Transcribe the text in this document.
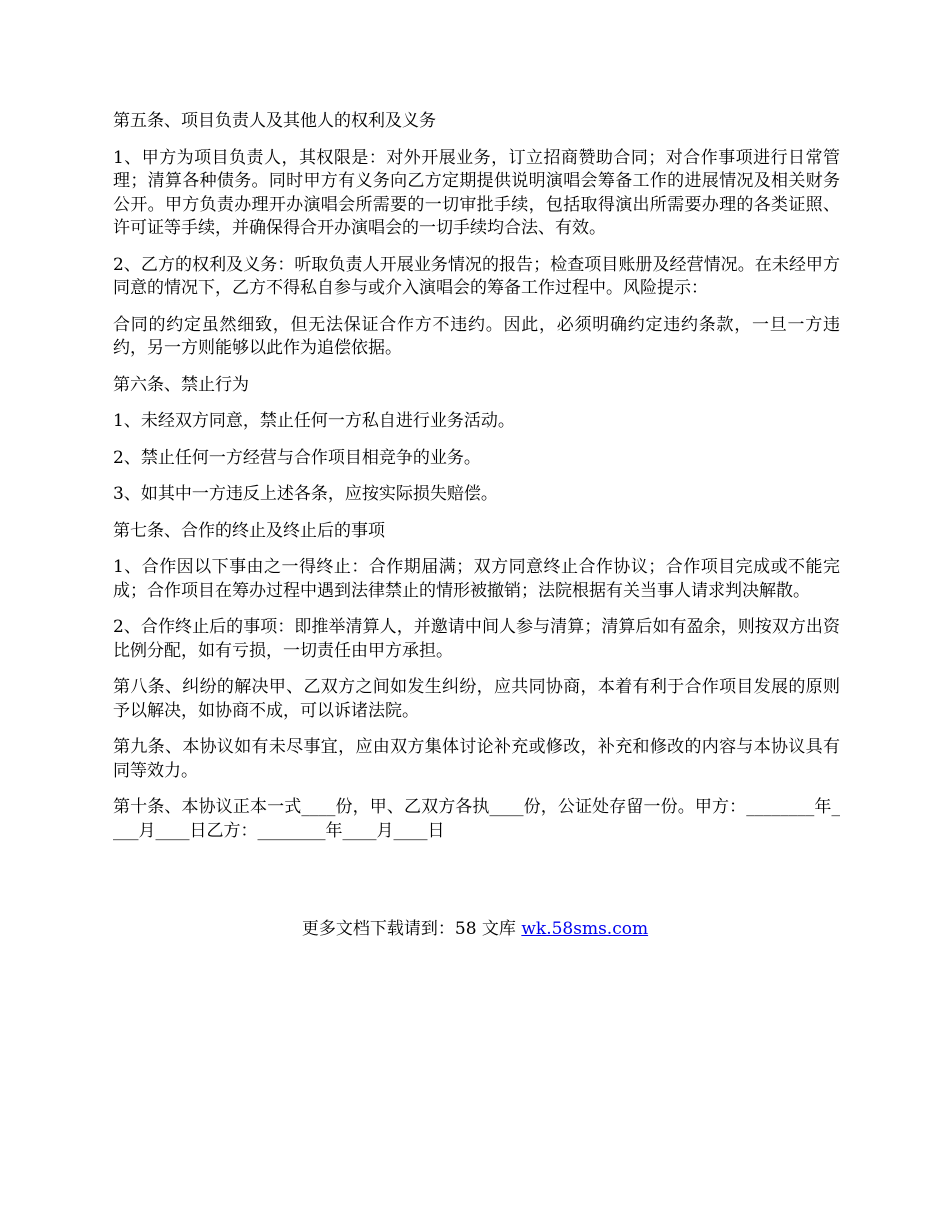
第五条、项目负责人及其他人的权利及义务

1、甲方为项目负责人，其权限是：对外开展业务，订立招商赞助合同；对合作事项进行日常管理；清算各种债务。同时甲方有义务向乙方定期提供说明演唱会筹备工作的进展情况及相关财务公开。甲方负责办理开办演唱会所需要的一切审批手续，包括取得演出所需要办理的各类证照、许可证等手续，并确保得合开办演唱会的一切手续均合法、有效。

2、乙方的权利及义务：听取负责人开展业务情况的报告；检查项目账册及经营情况。在未经甲方同意的情况下，乙方不得私自参与或介入演唱会的筹备工作过程中。风险提示：

合同的约定虽然细致，但无法保证合作方不违约。因此，必须明确约定违约条款，一旦一方违约，另一方则能够以此作为追偿依据。

第六条、禁止行为

1、未经双方同意，禁止任何一方私自进行业务活动。

2、禁止任何一方经营与合作项目相竞争的业务。

3、如其中一方违反上述各条，应按实际损失赔偿。

第七条、合作的终止及终止后的事项

1、合作因以下事由之一得终止：合作期届满；双方同意终止合作协议；合作项目完成或不能完成；合作项目在筹办过程中遇到法律禁止的情形被撤销；法院根据有关当事人请求判决解散。

2、合作终止后的事项：即推举清算人，并邀请中间人参与清算；清算后如有盈余，则按双方出资比例分配，如有亏损，一切责任由甲方承担。

第八条、纠纷的解决甲、乙双方之间如发生纠纷，应共同协商，本着有利于合作项目发展的原则予以解决，如协商不成，可以诉诸法院。

第九条、本协议如有未尽事宜，应由双方集体讨论补充或修改，补充和修改的内容与本协议具有同等效力。

第十条、本协议正本一式____份，甲、乙双方各执____份，公证处存留一份。甲方：________年____月____日乙方：________年____月____日

更多文档下载请到：58 文库 wk.58sms.com
